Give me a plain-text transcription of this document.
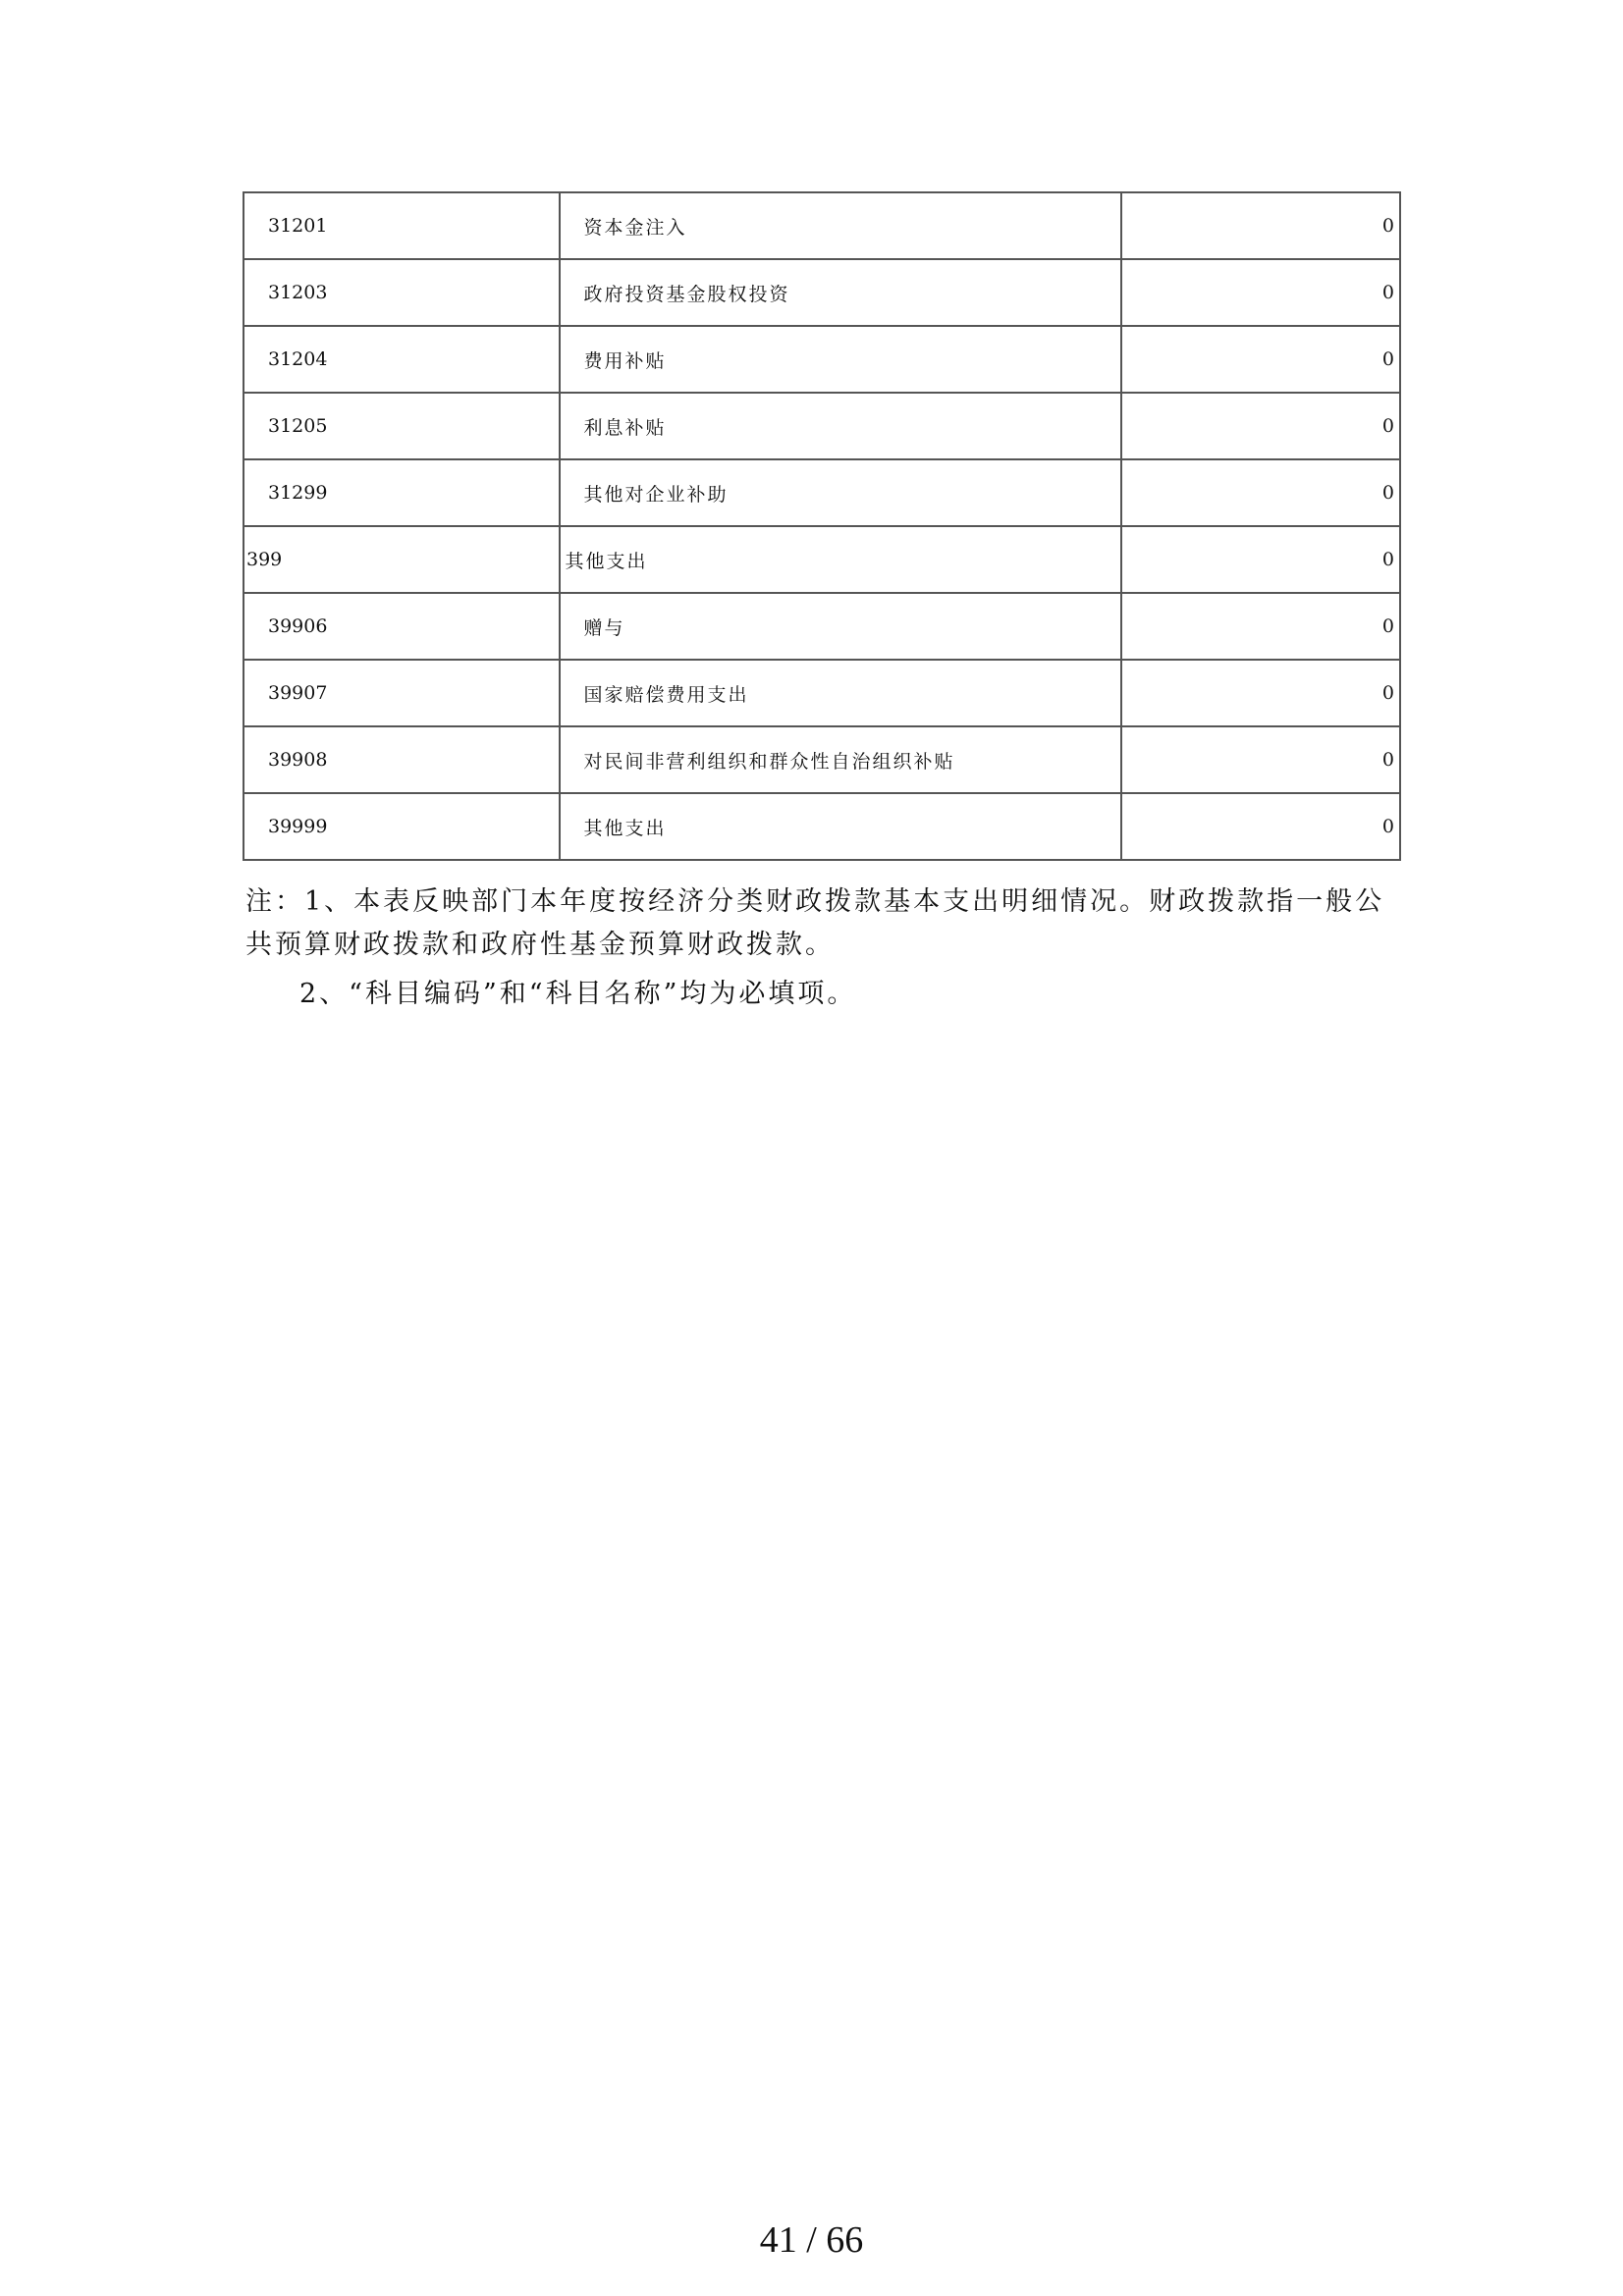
31201	资本金注入	0
31203	政府投资基金股权投资	0
31204	费用补贴	0
31205	利息补贴	0
31299	其他对企业补助	0
399	其他支出	0
39906	赠与	0
39907	国家赔偿费用支出	0
39908	对民间非营利组织和群众性自治组织补贴	0
39999	其他支出	0

注：1、本表反映部门本年度按经济分类财政拨款基本支出明细情况。财政拨款指一般公共预算财政拨款和政府性基金预算财政拨款。

2、“科目编码”和“科目名称”均为必填项。

41 / 66
